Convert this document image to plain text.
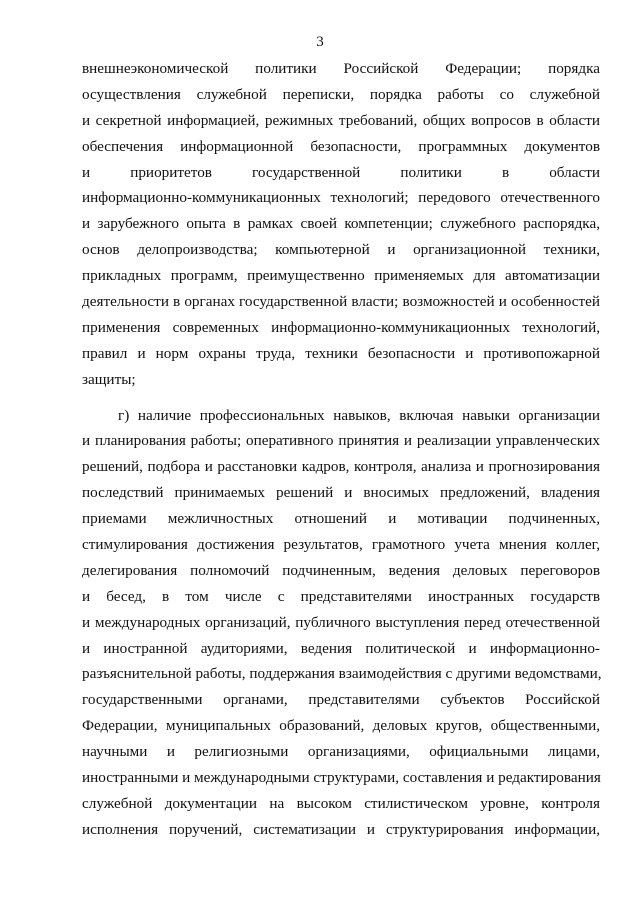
3
внешнеэкономической политики Российской Федерации; порядка
осуществления служебной переписки, порядка работы со служебной
и секретной информацией, режимных требований, общих вопросов в области
обеспечения информационной безопасности, программных документов
и приоритетов государственной политики в области
информационно-коммуникационных технологий; передового отечественного
и зарубежного опыта в рамках своей компетенции; служебного распорядка,
основ делопроизводства; компьютерной и организационной техники,
прикладных программ, преимущественно применяемых для автоматизации
деятельности в органах государственной власти; возможностей и особенностей
применения современных информационно-коммуникационных технологий,
правил и норм охраны труда, техники безопасности и противопожарной
защиты;
г) наличие профессиональных навыков, включая навыки организации
и планирования работы; оперативного принятия и реализации управленческих
решений, подбора и расстановки кадров, контроля, анализа и прогнозирования
последствий принимаемых решений и вносимых предложений, владения
приемами межличностных отношений и мотивации подчиненных,
стимулирования достижения результатов, грамотного учета мнения коллег,
делегирования полномочий подчиненным, ведения деловых переговоров
и бесед, в том числе с представителями иностранных государств
и международных организаций, публичного выступления перед отечественной
и иностранной аудиториями, ведения политической и информационно-
разъяснительной работы, поддержания взаимодействия с другими ведомствами,
государственными органами, представителями субъектов Российской
Федерации, муниципальных образований, деловых кругов, общественными,
научными и религиозными организациями, официальными лицами,
иностранными и международными структурами, составления и редактирования
служебной документации на высоком стилистическом уровне, контроля
исполнения поручений, систематизации и структурирования информации,
